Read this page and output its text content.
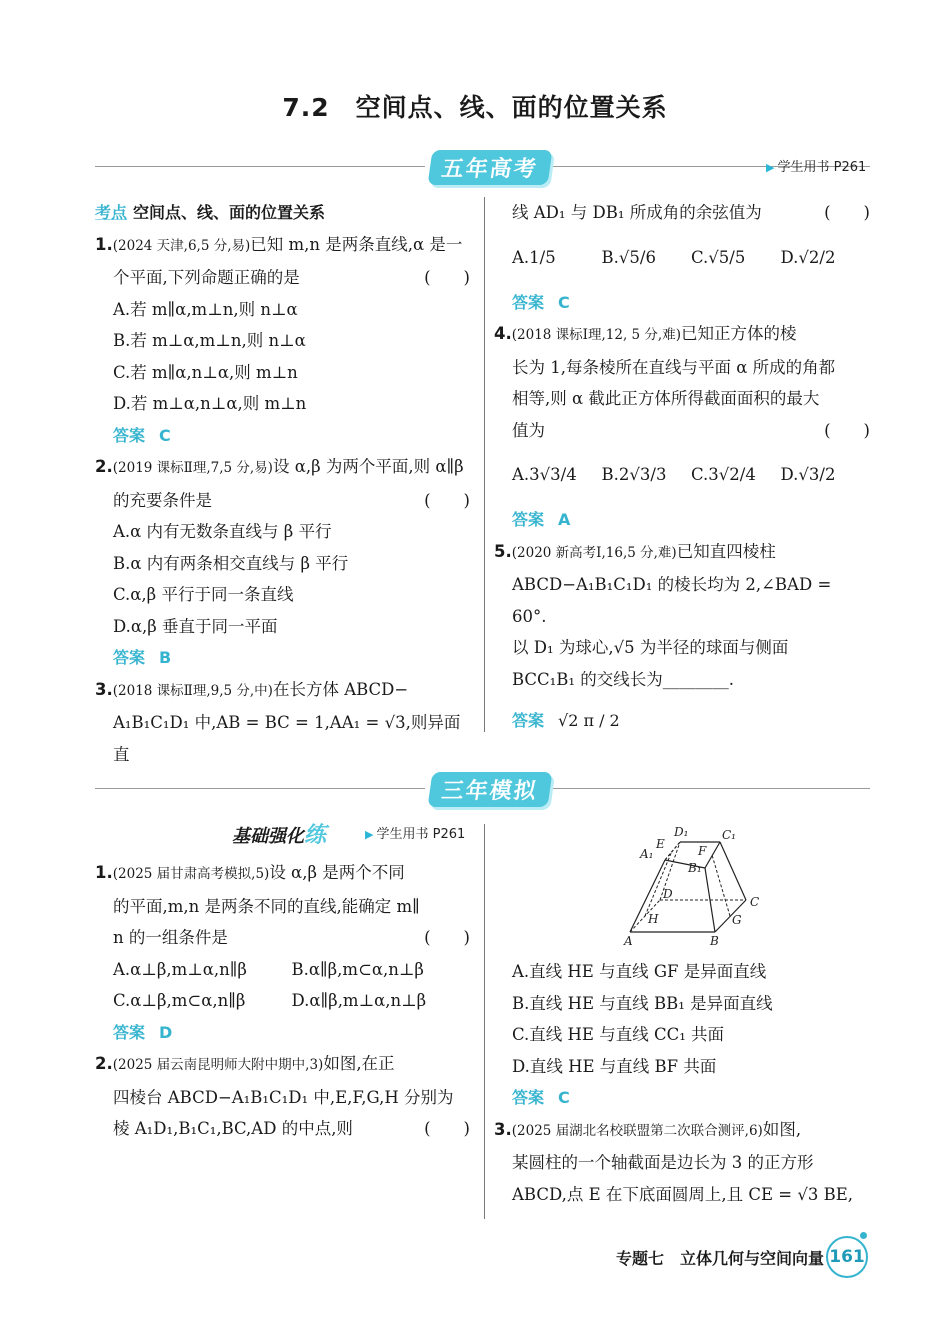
7.2　空间点、线、面的位置关系
五年高考	▶ 学生用书 P261

考点 空间点、线、面的位置关系

1.(2024 天津,6,5 分,易)已知 m,n 是两条直线,α 是一个平面,下列命题正确的是	(　　)

A.若 m∥α,m⊥n,则 n⊥α

B.若 m⊥α,m⊥n,则 n⊥α

C.若 m∥α,n⊥α,则 m⊥n

D.若 m⊥α,n⊥α,则 m⊥n

答案 C

2.(2019 课标Ⅱ理,7,5 分,易)设 α,β 为两个平面,则 α∥β 的充要条件是	(　　)

A.α 内有无数条直线与 β 平行

B.α 内有两条相交直线与 β 平行

C.α,β 平行于同一条直线

D.α,β 垂直于同一平面

答案 B

3.(2018 课标Ⅱ理,9,5 分,中)在长方体 ABCD−

A₁B₁C₁D₁ 中,AB = BC = 1,AA₁ = √3,则异面直

线 AD₁ 与 DB₁ 所成角的余弦值为	(　　)

A.1/5	B.√5/6	C.√5/5	D.√2/2

答案 C

4.(2018 课标Ⅰ理,12, 5 分,难)已知正方体的棱

长为 1,每条棱所在直线与平面 α 所成的角都

相等,则 α 截此正方体所得截面面积的最大

值为	(　　)

A.3√3/4	B.2√3/3	C.3√2/4	D.√3/2

答案 A

5.(2020 新高考Ⅰ,16,5 分,难)已知直四棱柱

ABCD−A₁B₁C₁D₁ 的棱长均为 2,∠BAD = 60°.

以 D₁ 为球心,√5 为半径的球面与侧面

BCC₁B₁ 的交线长为________.

答案 √2 π / 2

三年模拟
基础强化练	▶ 学生用书 P261

1.(2025 届甘肃高考模拟,5)设 α,β 是两个不同

的平面,m,n 是两条不同的直线,能确定 m∥

n 的一组条件是	(　　)

A.α⊥β,m⊥α,n∥β	B.α∥β,m⊂α,n⊥β

C.α⊥β,m⊂α,n∥β	D.α∥β,m⊥α,n⊥β

答案 D

2.(2025 届云南昆明师大附中期中,3)如图,在正

四棱台 ABCD−A₁B₁C₁D₁ 中,E,F,G,H 分别为

棱 A₁D₁,B₁C₁,BC,AD 的中点,则	(　　)

D₁	C₁
A₁
E	F
B₁
D
C
H	G
A	B

A.直线 HE 与直线 GF 是异面直线

B.直线 HE 与直线 BB₁ 是异面直线

C.直线 HE 与直线 CC₁ 共面

D.直线 HE 与直线 BF 共面

答案 C

3.(2025 届湖北名校联盟第二次联合测评,6)如图,

某圆柱的一个轴截面是边长为 3 的正方形

ABCD,点 E 在下底面圆周上,且 CE = √3 BE,

专题七　立体几何与空间向量 161
